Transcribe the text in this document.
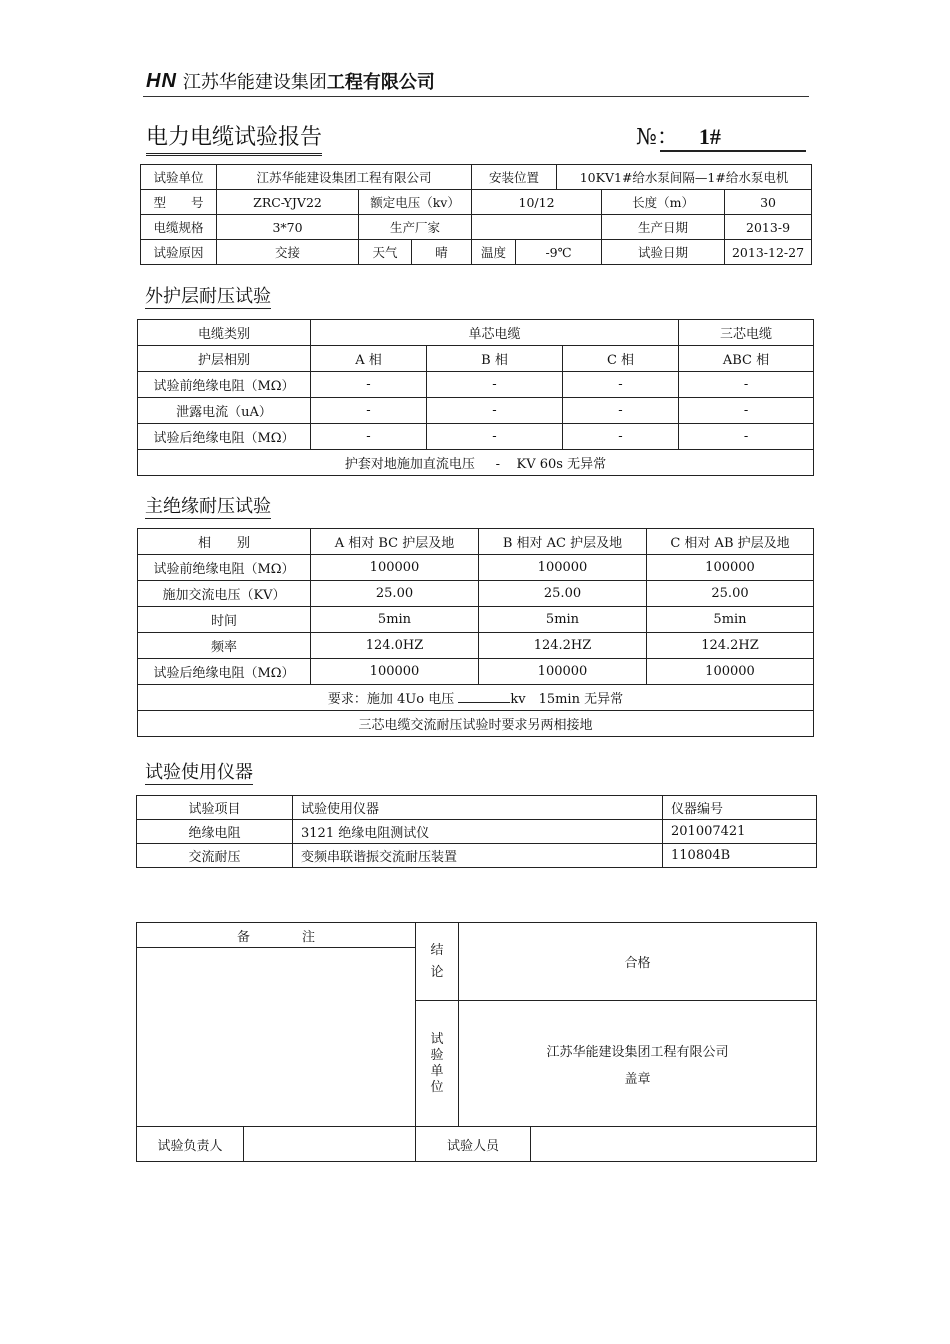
HN 江苏华能建设集团 工程有限公司
电力电缆试验报告	№： 1#
试验单位	江苏华能建设集团工程有限公司			安装位置		10KV1#给水泵间隔—1#给水泵电机		
型　　号	ZRC-YJV22	额定电压（kv）		10/12			长度（m）	30
电缆规格	3*70	生产厂家					生产日期	2013-9
试验原因	交接	天气	晴	温度	-9℃		试验日期	2013-12-27
外护层耐压试验
电缆类别	单芯电缆			三芯电缆
护层相别	A 相	B 相	C 相	ABC 相
试验前绝缘电阻（MΩ）	-	-	-	-
泄露电流（uA）	-	-	-	-
试验后绝缘电阻（MΩ）	-	-	-	-
护套对地施加直流电压 - KV 60s 无异常				
主绝缘耐压试验
相　　别	A 相对 BC 护层及地	B 相对 AC 护层及地	C 相对 AB 护层及地
试验前绝缘电阻（MΩ）	100000	100000	100000
施加交流电压（KV）	25.00	25.00	25.00
时间	5min	5min	5min
频率	124.0HZ	124.2HZ	124.2HZ
试验后绝缘电阻（MΩ）	100000	100000	100000
要求：施加 4Uo 电压 kv　15min 无异常			
三芯电缆交流耐压试验时要求另两相接地			
试验使用仪器
试验项目	试验使用仪器	仪器编号
绝缘电阻	3121 绝缘电阻测试仪	201007421
交流耐压	变频串联谐振交流耐压装置	110804B
备　　　　注		结论	合格	

		试验单位	江苏华能建设集团工程有限公司
盖章	

试验负责人		试验人员		
